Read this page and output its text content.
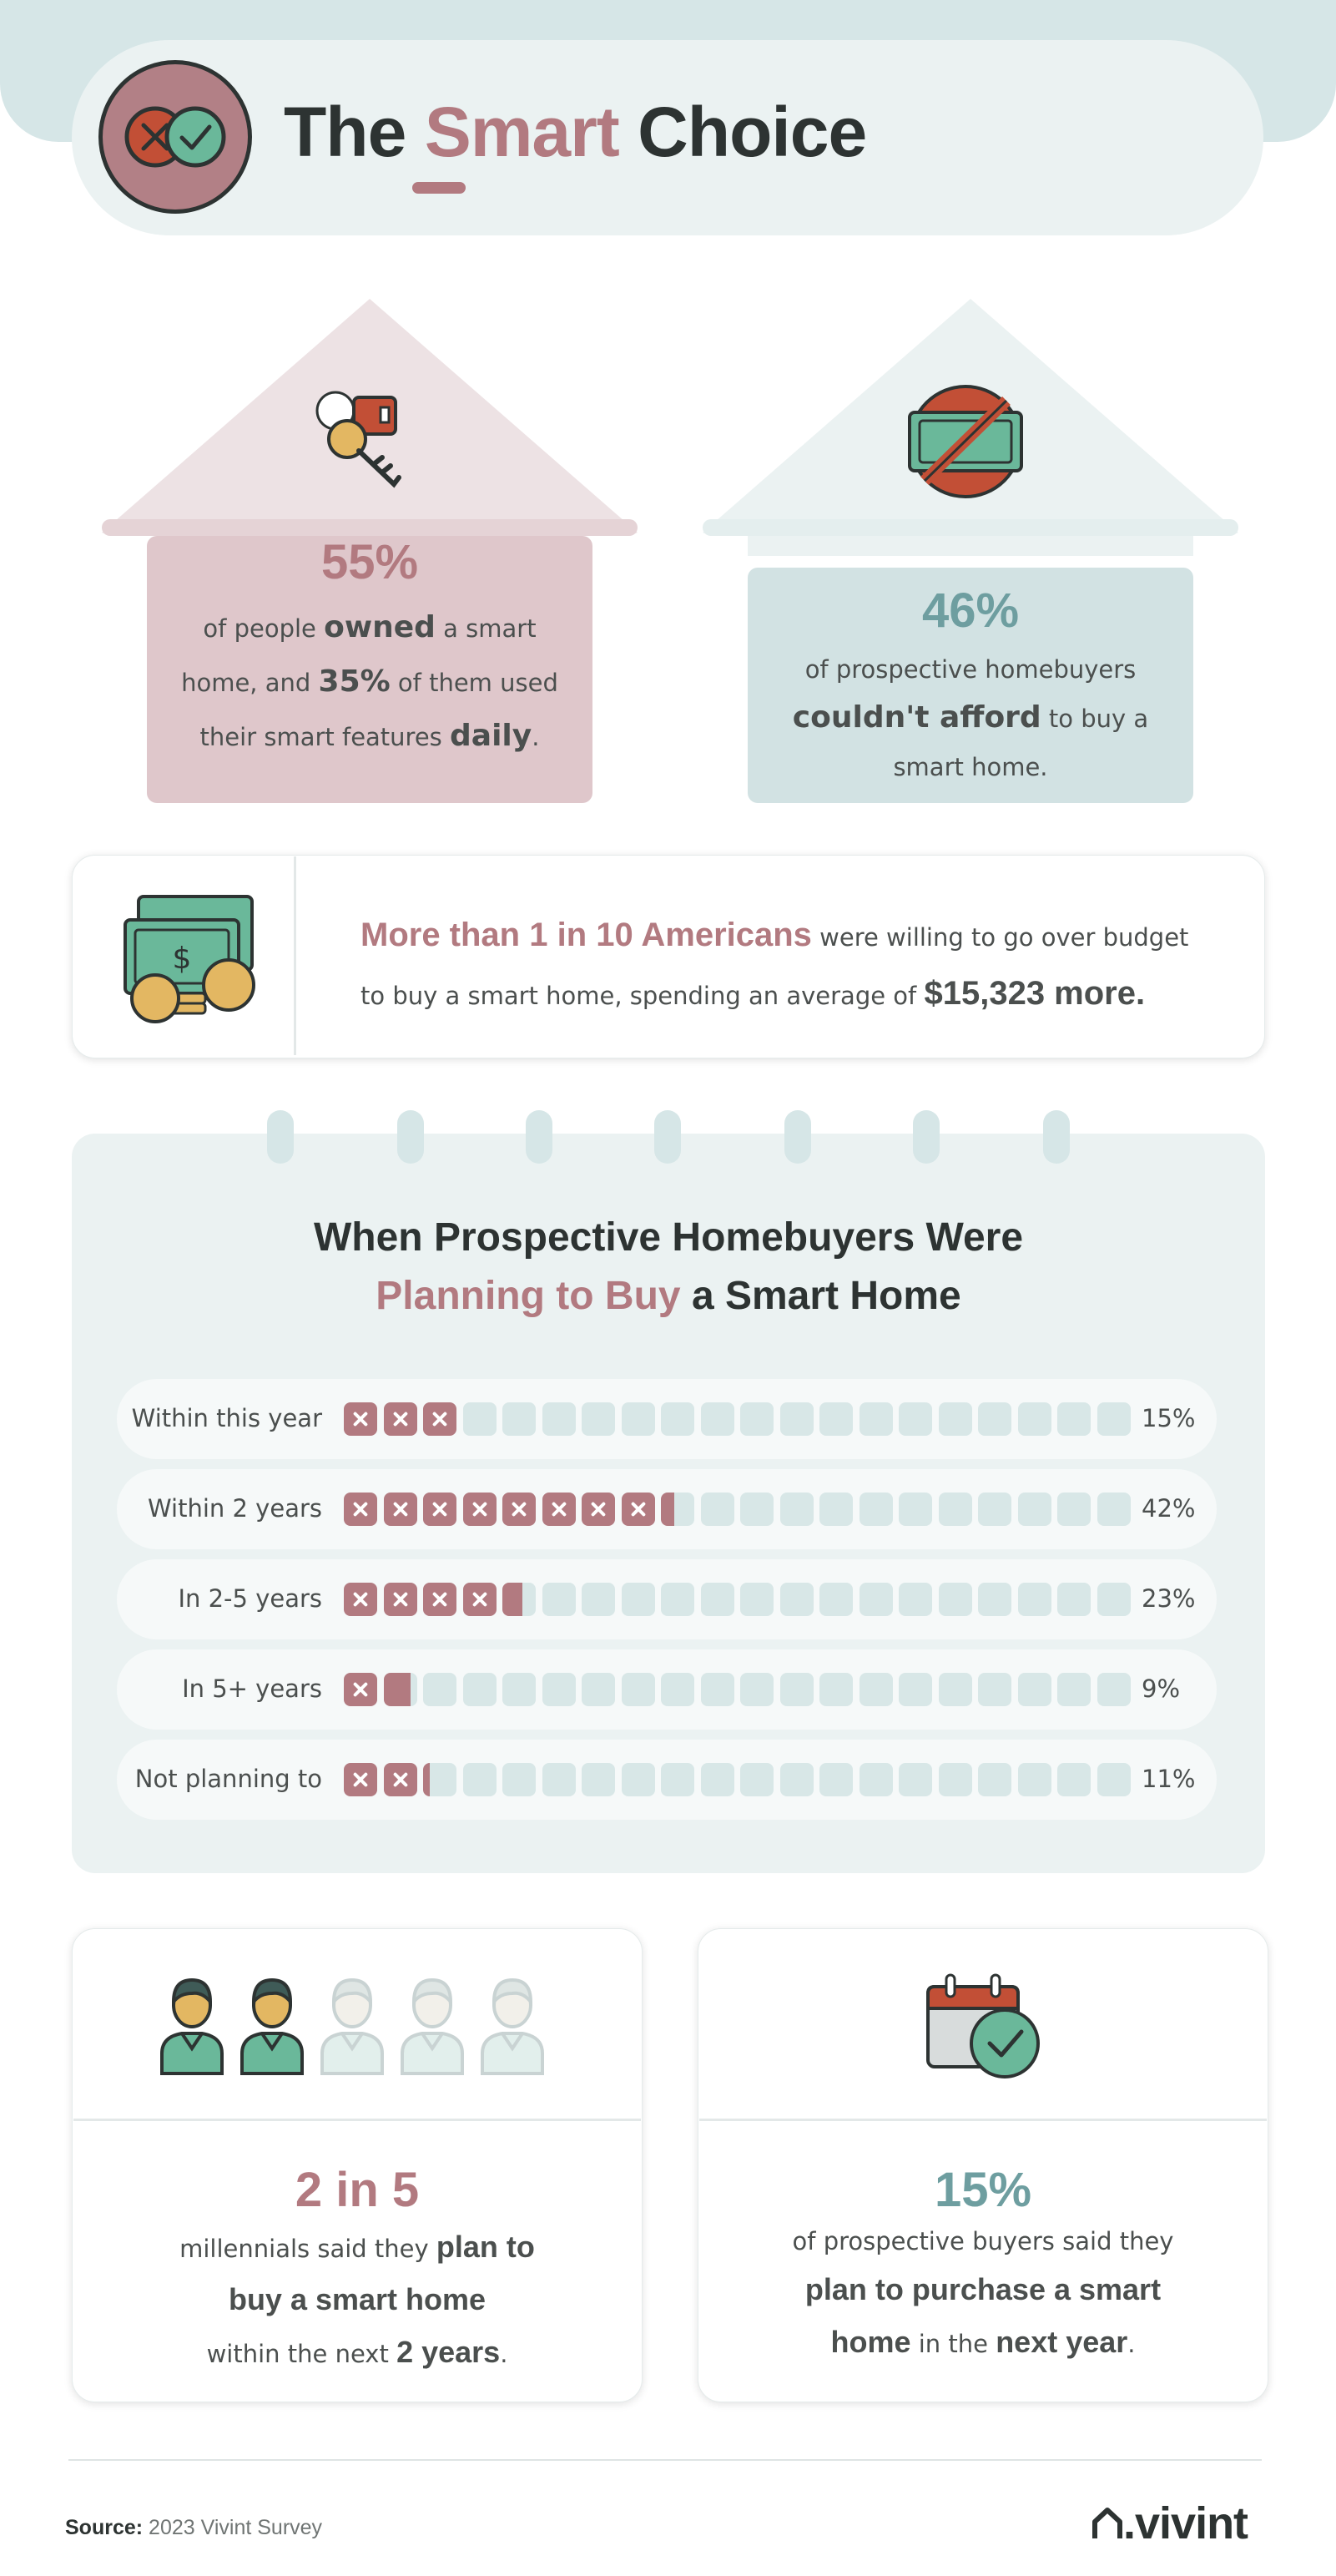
The Smart Choice
55%
of people owned a smart
home, and 35% of them used
their smart features daily.
46%
of prospective homebuyers
couldn't afford to buy a
smart home.
$
More than 1 in 10 Americans were willing to go over budget
to buy a smart home, spending an average of $15,323 more.
When Prospective Homebuyers Were
Planning to Buy a Smart Home
Within this year	15%
Within 2 years	42%
In 2-5 years	23%
In 5+ years	9%
Not planning to	11%
2 in 5
millennials said they plan to
buy a smart home
within the next 2 years.
15%
of prospective buyers said they
plan to purchase a smart
home in the next year.
Source: 2023 Vivint Survey	.vivint
